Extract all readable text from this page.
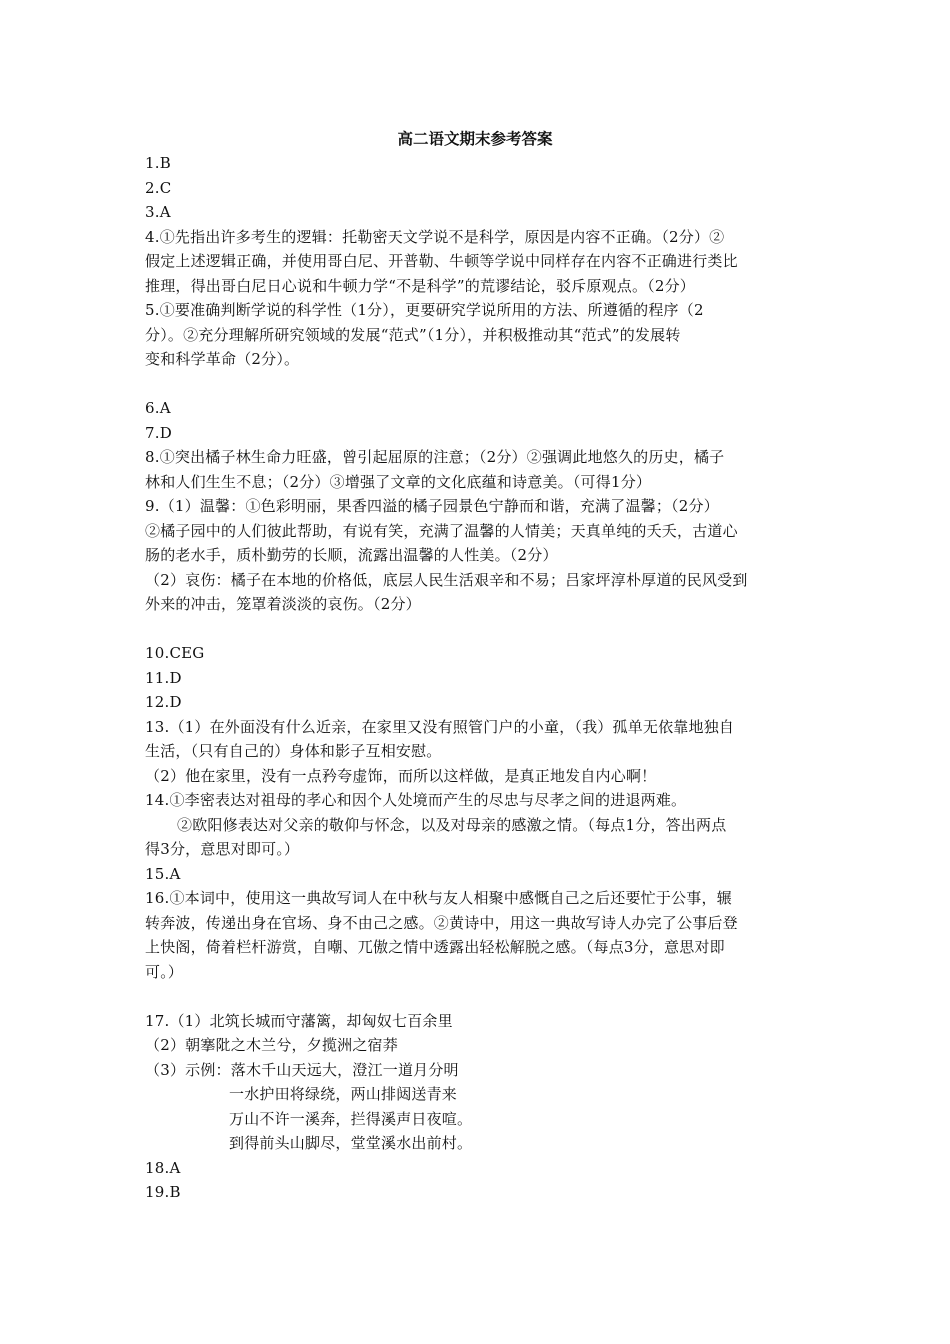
高二语文期末参考答案
1.B
2.C
3.A
4.①先指出许多考生的逻辑：托勒密天文学说不是科学，原因是内容不正确。（2分）②
假定上述逻辑正确，并使用哥白尼、开普勒、牛顿等学说中同样存在内容不正确进行类比
推理，得出哥白尼日心说和牛顿力学“不是科学”的荒谬结论，驳斥原观点。（2分）
5.①要准确判断学说的科学性（1分），更要研究学说所用的方法、所遵循的程序（2
分）。②充分理解所研究领域的发展“范式”（1分），并积极推动其“范式”的发展转
变和科学革命（2分）。
6.A
7.D
8.①突出橘子林生命力旺盛，曾引起屈原的注意；（2分）②强调此地悠久的历史，橘子
林和人们生生不息；（2分）③增强了文章的文化底蕴和诗意美。（可得1分）
9.（1）温馨：①色彩明丽，果香四溢的橘子园景色宁静而和谐，充满了温馨；（2分）
②橘子园中的人们彼此帮助，有说有笑，充满了温馨的人情美；天真单纯的夭夭，古道心
肠的老水手，质朴勤劳的长顺，流露出温馨的人性美。（2分）
（2）哀伤：橘子在本地的价格低，底层人民生活艰辛和不易；吕家坪淳朴厚道的民风受到
外来的冲击，笼罩着淡淡的哀伤。（2分）
10.CEG
11.D
12.D
13.（1）在外面没有什么近亲，在家里又没有照管门户的小童，（我）孤单无依靠地独自
生活，（只有自己的）身体和影子互相安慰。
（2）他在家里，没有一点矜夸虚饰，而所以这样做，是真正地发自内心啊！
14.①李密表达对祖母的孝心和因个人处境而产生的尽忠与尽孝之间的进退两难。
②欧阳修表达对父亲的敬仰与怀念，以及对母亲的感激之情。（每点1分，答出两点
得3分，意思对即可。）
15.A
16.①本词中，使用这一典故写词人在中秋与友人相聚中感慨自己之后还要忙于公事，辗
转奔波，传递出身在官场、身不由己之感。②黄诗中，用这一典故写诗人办完了公事后登
上快阁，倚着栏杆游赏，自嘲、兀傲之情中透露出轻松解脱之感。（每点3分，意思对即
可。）
17.（1）北筑长城而守藩篱，却匈奴七百余里
（2）朝搴阰之木兰兮，夕揽洲之宿莽
（3）示例：落木千山天远大，澄江一道月分明
一水护田将绿绕，两山排闼送青来
万山不许一溪奔，拦得溪声日夜喧。
到得前头山脚尽，堂堂溪水出前村。
18.A
19.B
